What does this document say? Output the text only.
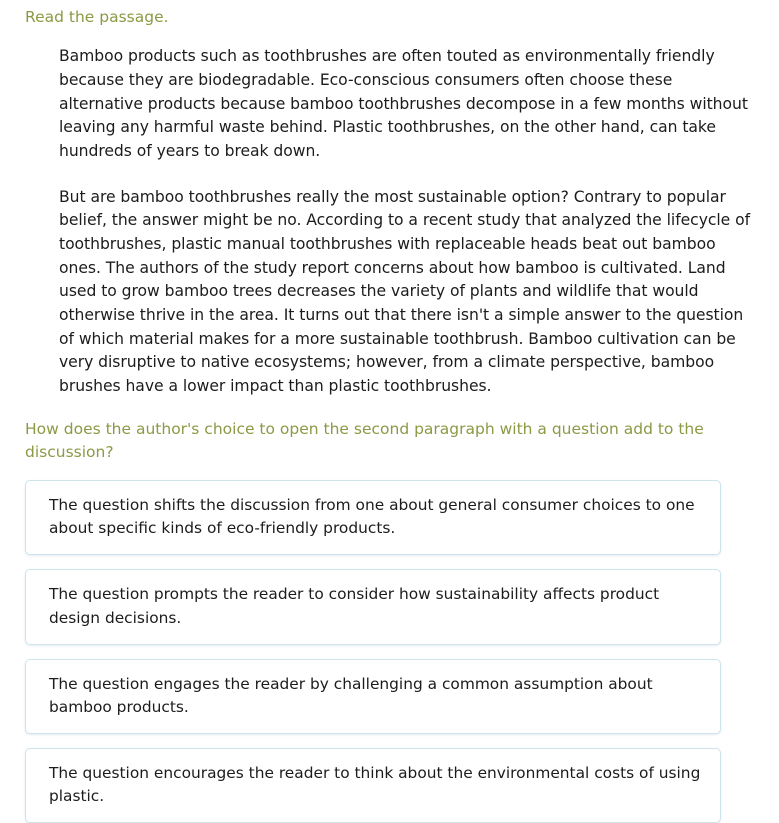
Read the passage.

Bamboo products such as toothbrushes are often touted as environmentally friendly because they are biodegradable. Eco-conscious consumers often choose these alternative products because bamboo toothbrushes decompose in a few months without leaving any harmful waste behind. Plastic toothbrushes, on the other hand, can take hundreds of years to break down.

But are bamboo toothbrushes really the most sustainable option? Contrary to popular belief, the answer might be no. According to a recent study that analyzed the lifecycle of toothbrushes, plastic manual toothbrushes with replaceable heads beat out bamboo ones. The authors of the study report concerns about how bamboo is cultivated. Land used to grow bamboo trees decreases the variety of plants and wildlife that would otherwise thrive in the area. It turns out that there isn't a simple answer to the question of which material makes for a more sustainable toothbrush. Bamboo cultivation can be very disruptive to native ecosystems; however, from a climate perspective, bamboo brushes have a lower impact than plastic toothbrushes.

How does the author's choice to open the second paragraph with a question add to the discussion?
The question shifts the discussion from one about general consumer choices to one about specific kinds of eco-friendly products.
The question prompts the reader to consider how sustainability affects product design decisions.
The question engages the reader by challenging a common assumption about bamboo products.
The question encourages the reader to think about the environmental costs of using plastic.
